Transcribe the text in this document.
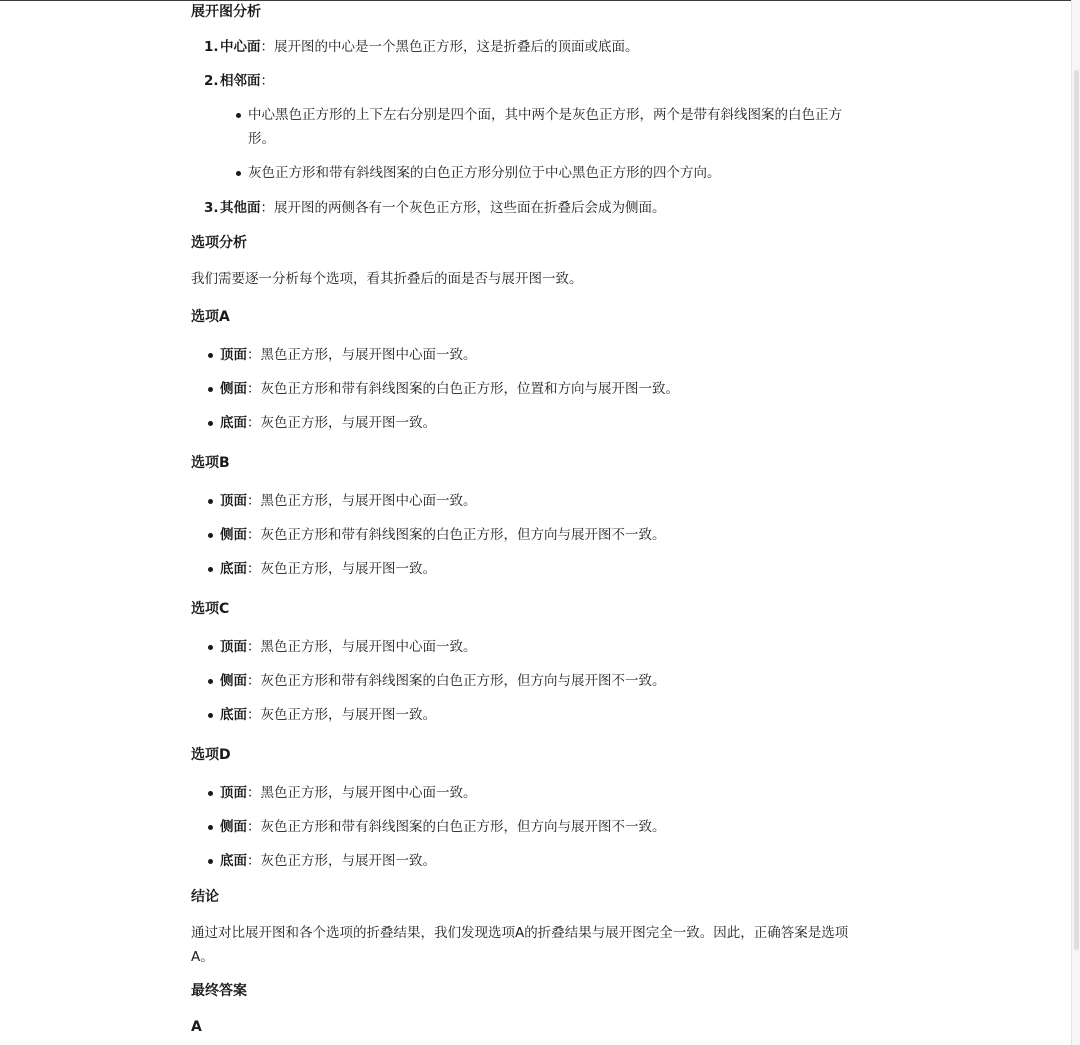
展开图分析
1. 中心面：展开图的中心是一个黑色正方形，这是折叠后的顶面或底面。
2. 相邻面：
中心黑色正方形的上下左右分别是四个面，其中两个是灰色正方形，两个是带有斜线图案的白色正方
形。
灰色正方形和带有斜线图案的白色正方形分别位于中心黑色正方形的四个方向。
3. 其他面：展开图的两侧各有一个灰色正方形，这些面在折叠后会成为侧面。
选项分析
我们需要逐一分析每个选项，看其折叠后的面是否与展开图一致。
选项A
顶面：黑色正方形，与展开图中心面一致。
侧面：灰色正方形和带有斜线图案的白色正方形，位置和方向与展开图一致。
底面：灰色正方形，与展开图一致。
选项B
顶面：黑色正方形，与展开图中心面一致。
侧面：灰色正方形和带有斜线图案的白色正方形，但方向与展开图不一致。
底面：灰色正方形，与展开图一致。
选项C
顶面：黑色正方形，与展开图中心面一致。
侧面：灰色正方形和带有斜线图案的白色正方形，但方向与展开图不一致。
底面：灰色正方形，与展开图一致。
选项D
顶面：黑色正方形，与展开图中心面一致。
侧面：灰色正方形和带有斜线图案的白色正方形，但方向与展开图不一致。
底面：灰色正方形，与展开图一致。
结论
通过对比展开图和各个选项的折叠结果，我们发现选项A的折叠结果与展开图完全一致。因此，正确答案是选项
A。
最终答案
A
